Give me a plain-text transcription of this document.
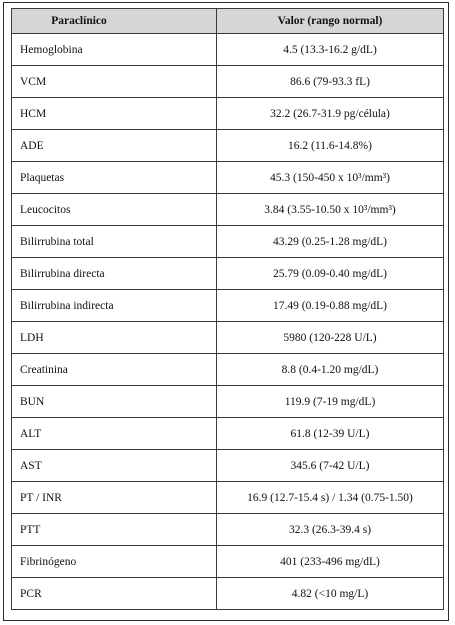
Paraclínico	Valor (rango normal)
Hemoglobina	4.5 (13.3-16.2 g/dL)
VCM	86.6 (79-93.3 fL)
HCM	32.2 (26.7-31.9 pg/célula)
ADE	16.2 (11.6-14.8%)
Plaquetas	45.3 (150-450 x 10³/mm³)
Leucocitos	3.84 (3.55-10.50 x 10³/mm³)
Bilirrubina total	43.29 (0.25-1.28 mg/dL)
Bilirrubina directa	25.79 (0.09-0.40 mg/dL)
Bilirrubina indirecta	17.49 (0.19-0.88 mg/dL)
LDH	5980 (120-228 U/L)
Creatinina	8.8 (0.4-1.20 mg/dL)
BUN	119.9 (7-19 mg/dL)
ALT	61.8 (12-39 U/L)
AST	345.6 (7-42 U/L)
PT / INR	16.9 (12.7-15.4 s) / 1.34 (0.75-1.50)
PTT	32.3 (26.3-39.4 s)
Fibrinógeno	401 (233-496 mg/dL)
PCR	4.82 (<10 mg/L)
